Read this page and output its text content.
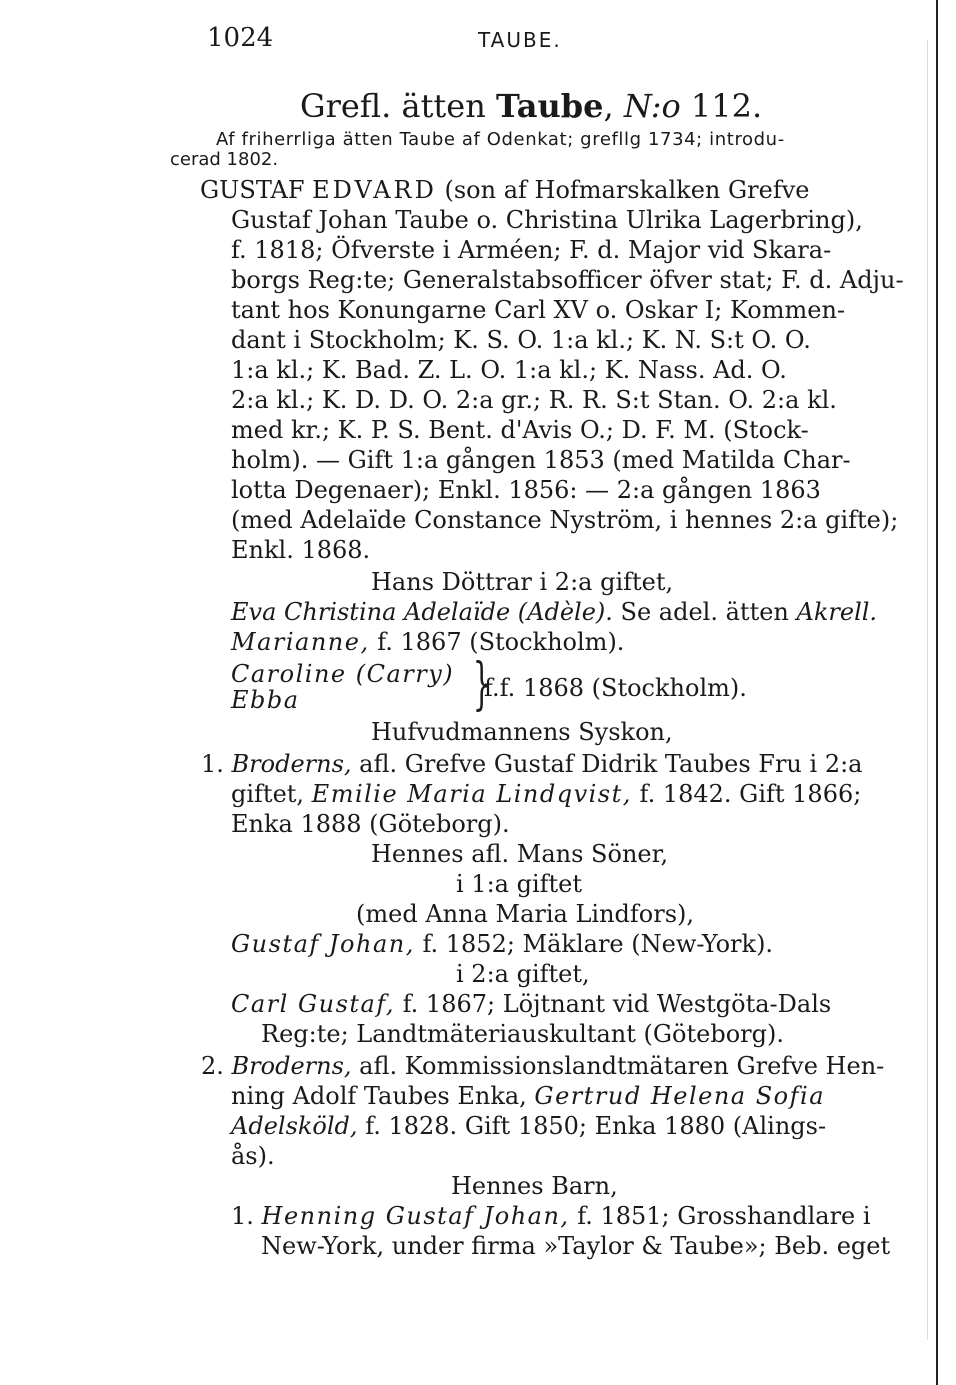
1024	TAUBE.
Grefl. ätten Taube, N:o 112.
Af friherrliga ätten Taube af Odenkat; grefllg 1734; introdu-
cerad 1802.
GUSTAF EDVARD (son af Hofmarskalken Grefve
Gustaf Johan Taube o. Christina Ulrika Lagerbring),
f. 1818; Öfverste i Arméen; F. d. Major vid Skara-
borgs Reg:te; Generalstabsofficer öfver stat; F. d. Adju-
tant hos Konungarne Carl XV o. Oskar I; Kommen-
dant i Stockholm; K. S. O. 1:a kl.; K. N. S:t O. O.
1:a kl.; K. Bad. Z. L. O. 1:a kl.; K. Nass. Ad. O.
2:a kl.; K. D. D. O. 2:a gr.; R. R. S:t Stan. O. 2:a kl.
med kr.; K. P. S. Bent. d'Avis O.; D. F. M. (Stock-
holm). — Gift 1:a gången 1853 (med Matilda Char-
lotta Degenaer); Enkl. 1856: — 2:a gången 1863
(med Adelaïde Constance Nyström, i hennes 2:a gifte);
Enkl. 1868.
Hans Döttrar i 2:a giftet,
Eva Christina Adelaïde (Adèle). Se adel. ätten Akrell.
Marianne, f. 1867 (Stockholm).
Caroline (Carry)
Ebba	}
f.f. 1868 (Stockholm).
Hufvudmannens Syskon,
1. Broderns, afl. Grefve Gustaf Didrik Taubes Fru i 2:a
giftet, Emilie Maria Lindqvist, f. 1842. Gift 1866;
Enka 1888 (Göteborg).
Hennes afl. Mans Söner,
i 1:a giftet
(med Anna Maria Lindfors),
Gustaf Johan, f. 1852; Mäklare (New-York).
i 2:a giftet,
Carl Gustaf, f. 1867; Löjtnant vid Westgöta-Dals
Reg:te; Landtmäteriauskultant (Göteborg).
2. Broderns, afl. Kommissionslandtmätaren Grefve Hen-
ning Adolf Taubes Enka, Gertrud Helena Sofia
Adelsköld, f. 1828. Gift 1850; Enka 1880 (Alings-
ås).
Hennes Barn,
1. Henning Gustaf Johan, f. 1851; Grosshandlare i
New-York, under firma »Taylor & Taube»; Beb. eget
